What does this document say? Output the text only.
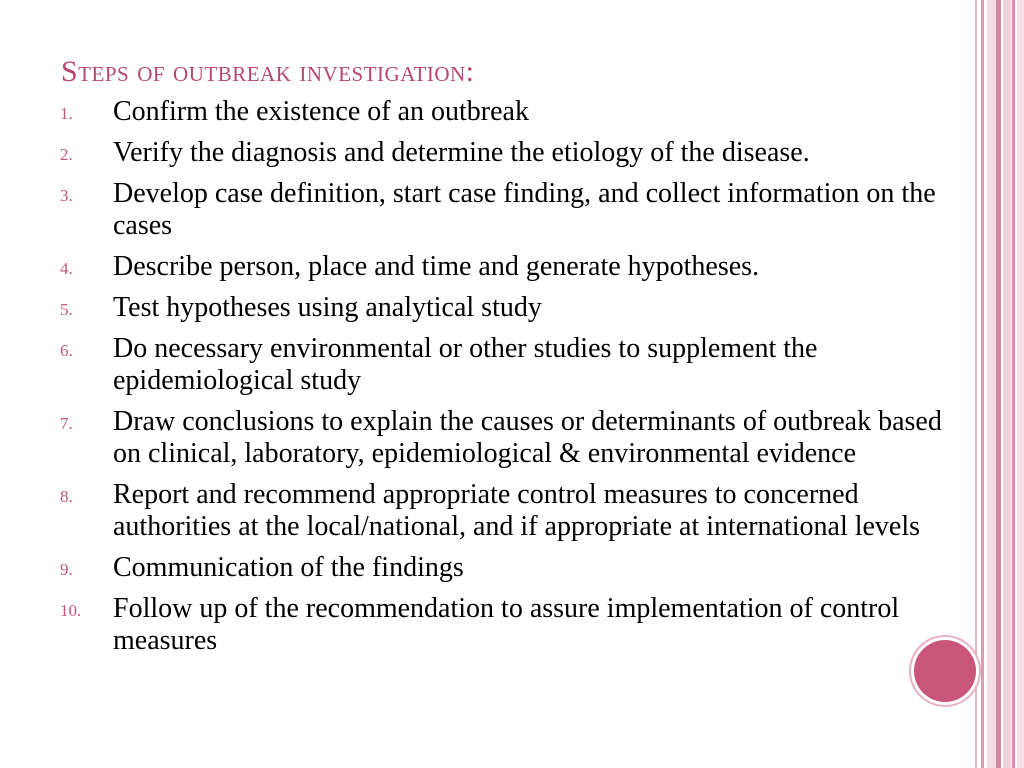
Steps of outbreak investigation:
1. Confirm the existence of an outbreak
2. Verify the diagnosis and determine the etiology of the disease.
3. Develop case definition, start case finding, and collect information on the cases
4. Describe person, place and time and generate hypotheses.
5. Test hypotheses using analytical study
6. Do necessary environmental or other studies to supplement the epidemiological study
7. Draw conclusions to explain the causes or determinants of outbreak based on clinical, laboratory, epidemiological & environmental evidence
8. Report and recommend appropriate control measures to concerned authorities at the local/national, and if appropriate at international levels
9. Communication of the findings
10. Follow up of the recommendation to assure implementation of control measures
